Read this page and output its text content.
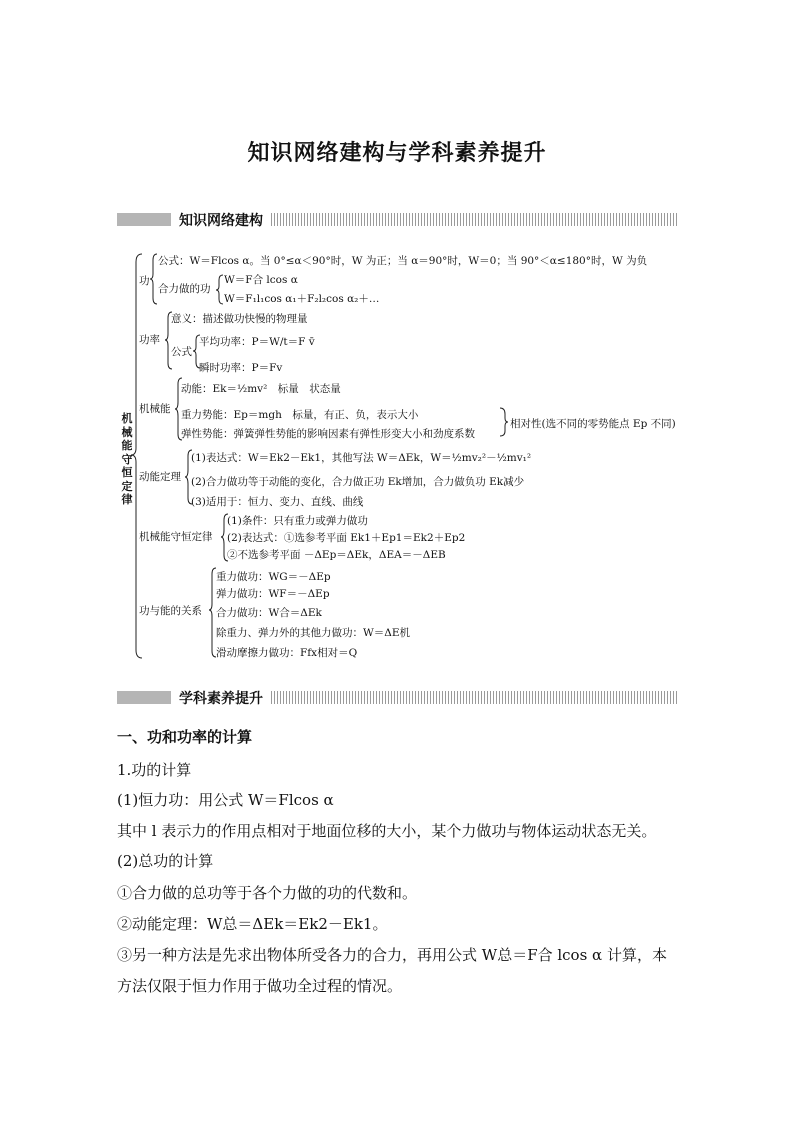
知识网络建构与学科素养提升
知识网络建构
机
械
能
守
恒
定
律
功
公式：W＝Flcos α。当 0°≤α＜90°时，W 为正；当 α＝90°时，W＝0；当 90°＜α≤180°时，W 为负
合力做的功
W＝F合 lcos α
W＝F₁l₁cos α₁＋F₂l₂cos α₂＋…
功率
意义：描述做功快慢的物理量
公式
平均功率：P＝W/t＝F v̄
瞬时功率：P＝Fv
机械能
动能：Ek＝½mv²　标量　状态量
重力势能：Ep＝mgh　标量，有正、负，表示大小
弹性势能：弹簧弹性势能的影响因素有弹性形变大小和劲度系数
相对性(选不同的零势能点 Ep 不同)
动能定理
(1)表达式：W＝Ek2－Ek1，其他写法 W＝ΔEk，W＝½mv₂²－½mv₁²
(2)合力做功等于动能的变化，合力做正功 Ek增加，合力做负功 Ek减少
(3)适用于：恒力、变力、直线、曲线
机械能守恒定律
(1)条件：只有重力或弹力做功
(2)表达式：①选参考平面 Ek1＋Ep1＝Ek2＋Ep2
②不选参考平面 －ΔEp＝ΔEk，ΔEA＝－ΔEB
功与能的关系
重力做功：WG＝－ΔEp
弹力做功：WF＝－ΔEp
合力做功：W合＝ΔEk
除重力、弹力外的其他力做功：W＝ΔE机
滑动摩擦力做功：Ffx相对＝Q
学科素养提升
一、功和功率的计算
1.功的计算
(1)恒力功：用公式 W＝Flcos α
其中 l 表示力的作用点相对于地面位移的大小，某个力做功与物体运动状态无关。
(2)总功的计算
①合力做的总功等于各个力做的功的代数和。
②动能定理：W总＝ΔEk＝Ek2－Ek1。
③另一种方法是先求出物体所受各力的合力，再用公式 W总＝F合 lcos α 计算，本
方法仅限于恒力作用于做功全过程的情况。
